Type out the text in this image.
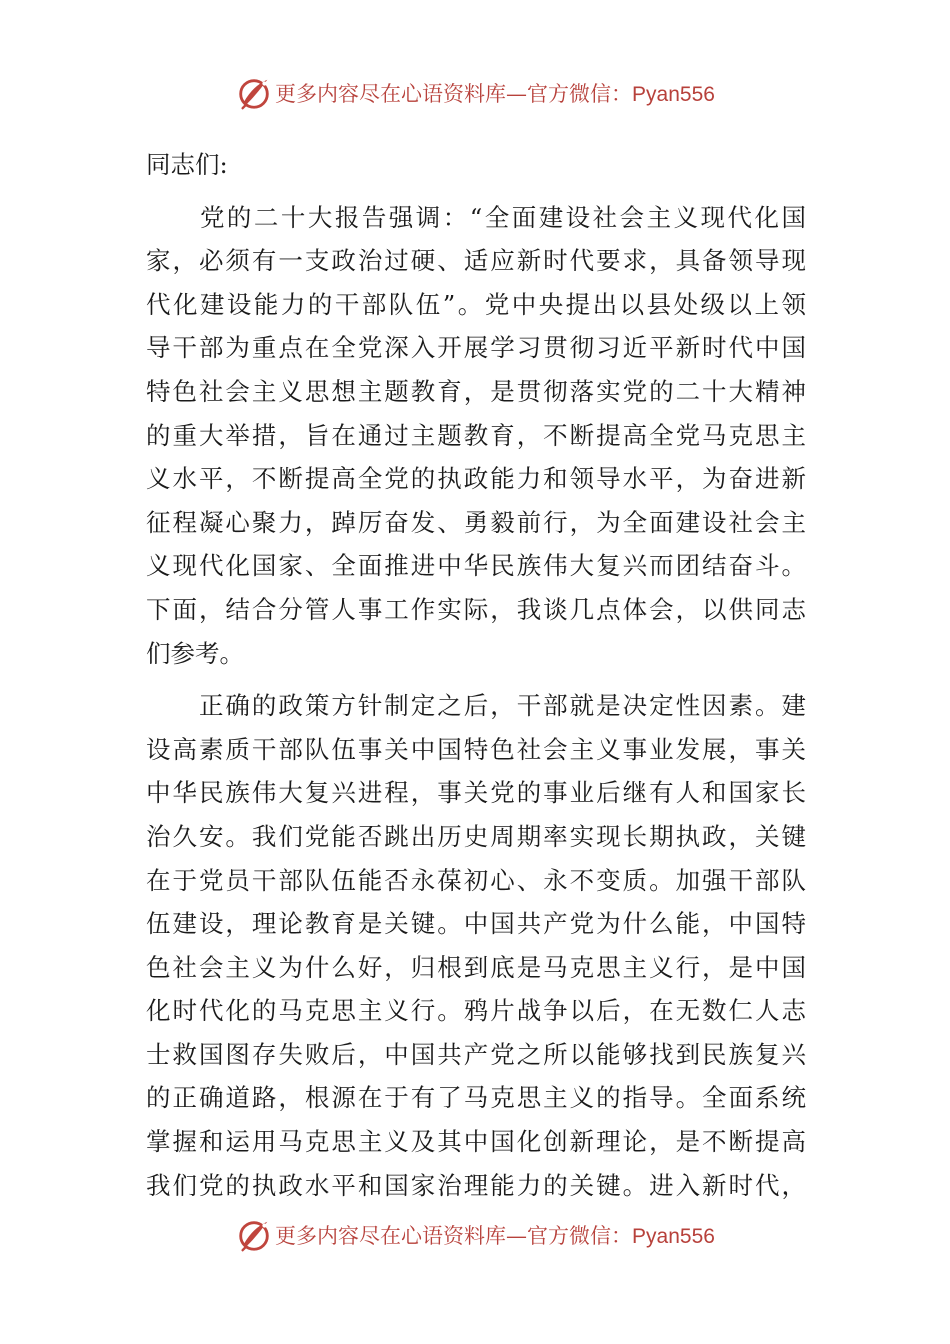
更多内容尽在心语资料库—官方微信：Pyan556
同志们:
　　党的二十大报告强调：“全面建设社会主义现代化国
家，必须有一支政治过硬、适应新时代要求，具备领导现
代化建设能力的干部队伍”。党中央提出以县处级以上领
导干部为重点在全党深入开展学习贯彻习近平新时代中国
特色社会主义思想主题教育，是贯彻落实党的二十大精神
的重大举措，旨在通过主题教育，不断提高全党马克思主
义水平，不断提高全党的执政能力和领导水平，为奋进新
征程凝心聚力，踔厉奋发、勇毅前行，为全面建设社会主
义现代化国家、全面推进中华民族伟大复兴而团结奋斗。
下面，结合分管人事工作实际，我谈几点体会，以供同志
们参考。
　　正确的政策方针制定之后，干部就是决定性因素。建
设高素质干部队伍事关中国特色社会主义事业发展，事关
中华民族伟大复兴进程，事关党的事业后继有人和国家长
治久安。我们党能否跳出历史周期率实现长期执政，关键
在于党员干部队伍能否永葆初心、永不变质。加强干部队
伍建设，理论教育是关键。中国共产党为什么能，中国特
色社会主义为什么好，归根到底是马克思主义行，是中国
化时代化的马克思主义行。鸦片战争以后，在无数仁人志
士救国图存失败后，中国共产党之所以能够找到民族复兴
的正确道路，根源在于有了马克思主义的指导。全面系统
掌握和运用马克思主义及其中国化创新理论，是不断提高
我们党的执政水平和国家治理能力的关键。进入新时代，
更多内容尽在心语资料库—官方微信：Pyan556
